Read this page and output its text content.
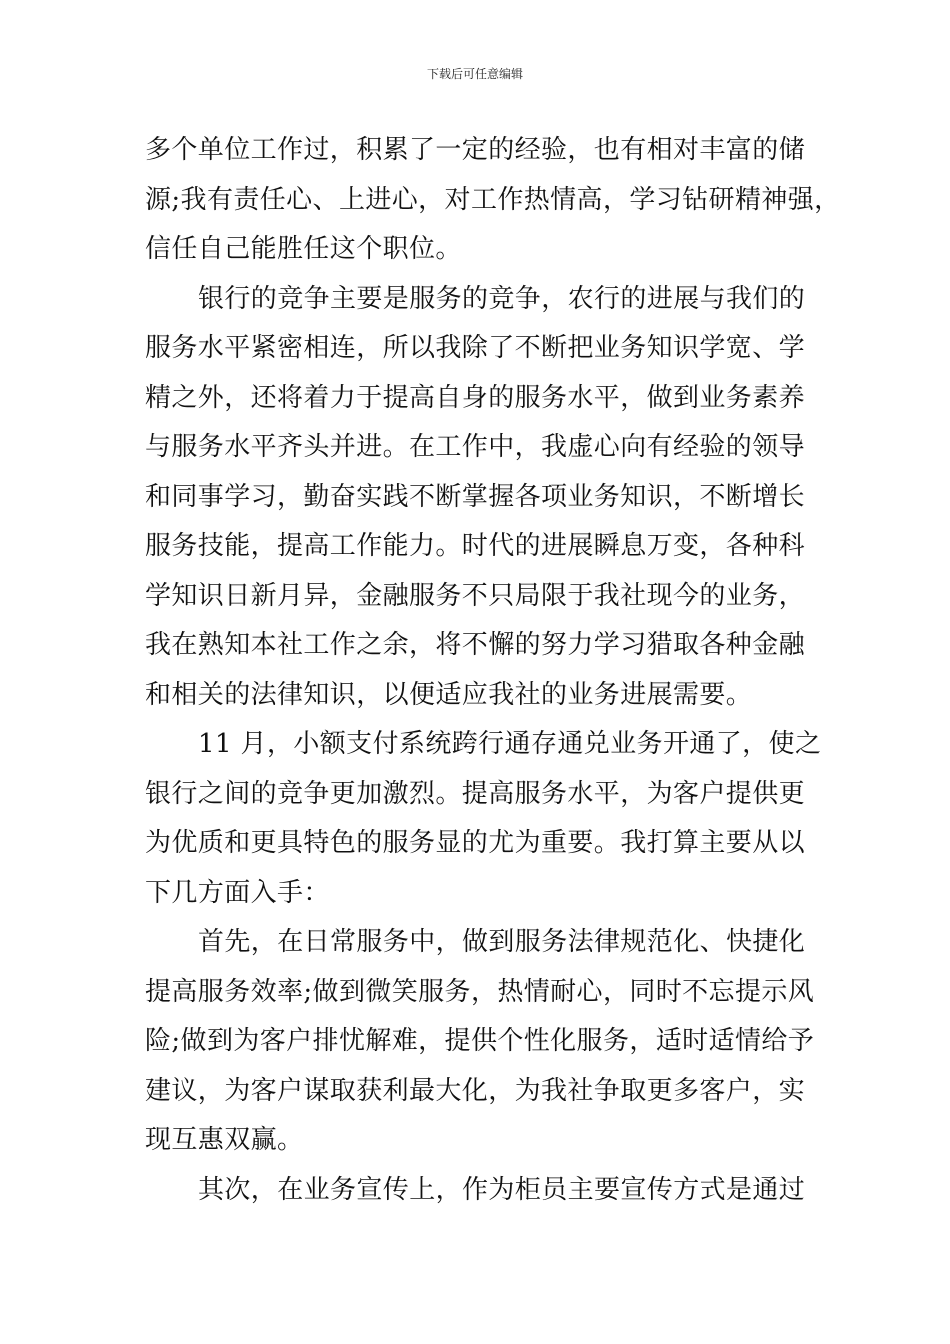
下载后可任意编辑
多个单位工作过，积累了一定的经验，也有相对丰富的储
源;我有责任心、上进心，对工作热情高，学习钻研精神强，
信任自己能胜任这个职位。
银行的竞争主要是服务的竞争，农行的进展与我们的
服务水平紧密相连，所以我除了不断把业务知识学宽、学
精之外，还将着力于提高自身的服务水平，做到业务素养
与服务水平齐头并进。在工作中，我虚心向有经验的领导
和同事学习，勤奋实践不断掌握各项业务知识，不断增长
服务技能，提高工作能力。时代的进展瞬息万变，各种科
学知识日新月异，金融服务不只局限于我社现今的业务，
我在熟知本社工作之余，将不懈的努力学习猎取各种金融
和相关的法律知识，以便适应我社的业务进展需要。
11 月，小额支付系统跨行通存通兑业务开通了，使之
银行之间的竞争更加激烈。提高服务水平，为客户提供更
为优质和更具特色的服务显的尤为重要。我打算主要从以
下几方面入手：
首先，在日常服务中，做到服务法律规范化、快捷化
提高服务效率;做到微笑服务，热情耐心，同时不忘提示风
险;做到为客户排忧解难，提供个性化服务，适时适情给予
建议，为客户谋取获利最大化，为我社争取更多客户，实
现互惠双赢。
其次，在业务宣传上，作为柜员主要宣传方式是通过
